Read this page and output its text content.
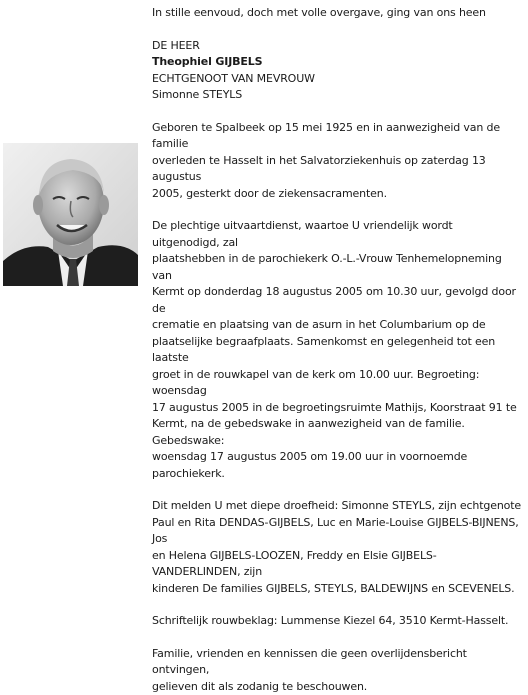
In stille eenvoud, doch met volle overgave, ging van ons heen

DE HEER

Theophiel GIJBELS

ECHTGENOOT VAN MEVROUW

Simonne STEYLS

Geboren te Spalbeek op 15 mei 1925 en in aanwezigheid van de familie

overleden te Hasselt in het Salvatorziekenhuis op zaterdag 13 augustus

2005, gesterkt door de ziekensacramenten.

De plechtige uitvaartdienst, waartoe U vriendelijk wordt uitgenodigd, zal

plaatshebben in de parochiekerk O.-L.-Vrouw Tenhemelopneming van

Kermt op donderdag 18 augustus 2005 om 10.30 uur, gevolgd door de

crematie en plaatsing van de asurn in het Columbarium op de

plaatselijke begraafplaats. Samenkomst en gelegenheid tot een laatste

groet in de rouwkapel van de kerk om 10.00 uur. Begroeting: woensdag

17 augustus 2005 in de begroetingsruimte Mathijs, Koorstraat 91 te

Kermt, na de gebedswake in aanwezigheid van de familie. Gebedswake:

woensdag 17 augustus 2005 om 19.00 uur in voornoemde parochiekerk.

Dit melden U met diepe droefheid: Simonne STEYLS, zijn echtgenote

Paul en Rita DENDAS-GIJBELS, Luc en Marie-Louise GIJBELS-BIJNENS, Jos

en Helena GIJBELS-LOOZEN, Freddy en Elsie GIJBELS-VANDERLINDEN, zijn

kinderen De families GIJBELS, STEYLS, BALDEWIJNS en SCEVENELS.

Schriftelijk rouwbeklag: Lummense Kiezel 64, 3510 Kermt-Hasselt.

Familie, vrienden en kennissen die geen overlijdensbericht ontvingen,

gelieven dit als zodanig te beschouwen.
